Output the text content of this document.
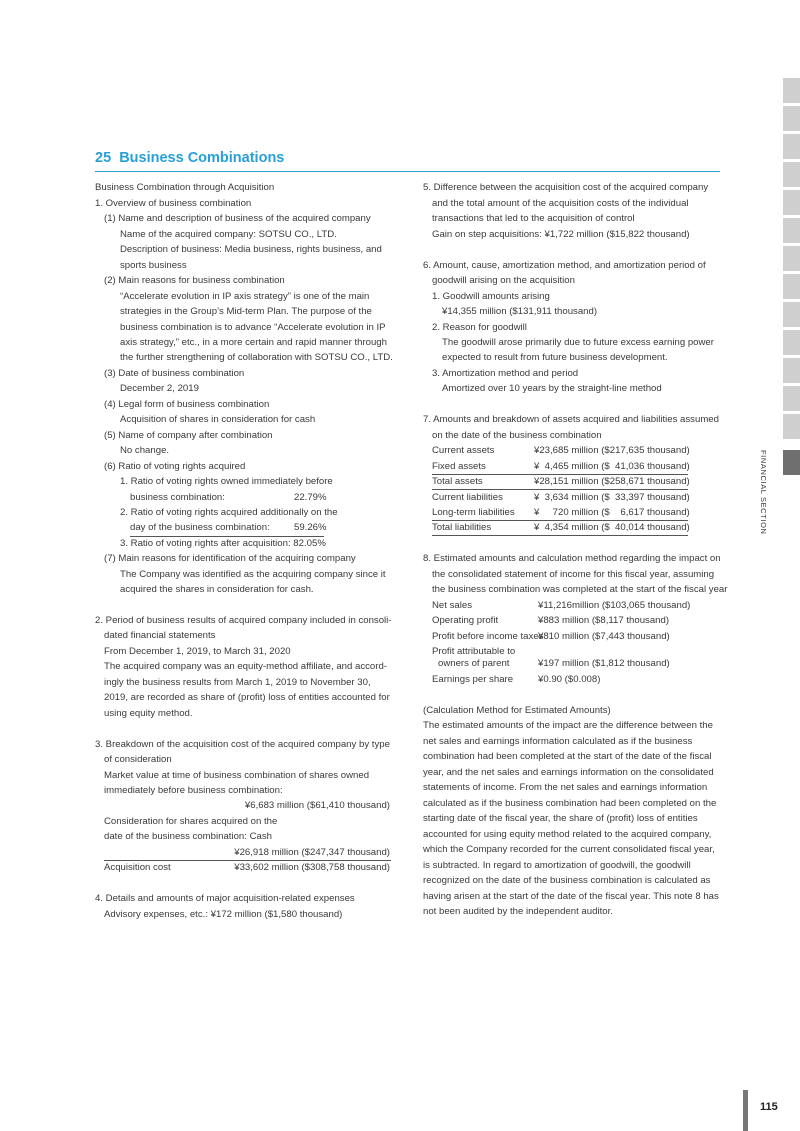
25 Business Combinations
Business Combination through Acquisition
1. Overview of business combination
(1) Name and description of business of the acquired company
Name of the acquired company: SOTSU CO., LTD.
Description of business: Media business, rights business, and
sports business
(2) Main reasons for business combination
“Accelerate evolution in IP axis strategy” is one of the main
strategies in the Group’s Mid-term Plan. The purpose of the
business combination is to advance “Accelerate evolution in IP
axis strategy,” etc., in a more certain and rapid manner through
the further strengthening of collaboration with SOTSU CO., LTD.
(3) Date of business combination
December 2, 2019
(4) Legal form of business combination
Acquisition of shares in consideration for cash
(5) Name of company after combination
No change.
(6) Ratio of voting rights acquired
1. Ratio of voting rights owned immediately before
business combination:	22.79%
2. Ratio of voting rights acquired additionally on the
day of the business combination:	59.26%
3. Ratio of voting rights after acquisition: 82.05%
(7) Main reasons for identification of the acquiring company
The Company was identified as the acquiring company since it
acquired the shares in consideration for cash.
2. Period of business results of acquired company included in consoli-
dated financial statements
From December 1, 2019, to March 31, 2020
The acquired company was an equity-method affiliate, and accord-
ingly the business results from March 1, 2019 to November 30,
2019, are recorded as share of (profit) loss of entities accounted for
using equity method.
3. Breakdown of the acquisition cost of the acquired company by type
of consideration
Market value at time of business combination of shares owned
immediately before business combination:
¥6,683 million ($61,410 thousand)
Consideration for shares acquired on the
date of the business combination: Cash
¥26,918 million ($247,347 thousand)
Acquisition cost	¥33,602 million ($308,758 thousand)
4. Details and amounts of major acquisition-related expenses
Advisory expenses, etc.: ¥172 million ($1,580 thousand)
5. Difference between the acquisition cost of the acquired company
and the total amount of the acquisition costs of the individual
transactions that led to the acquisition of control
Gain on step acquisitions: ¥1,722 million ($15,822 thousand)
6. Amount, cause, amortization method, and amortization period of
goodwill arising on the acquisition
1. Goodwill amounts arising
¥14,355 million ($131,911 thousand)
2. Reason for goodwill
The goodwill arose primarily due to future excess earning power
expected to result from future business development.
3. Amortization method and period
Amortized over 10 years by the straight-line method
7. Amounts and breakdown of assets acquired and liabilities assumed
on the date of the business combination
Current assets	¥23,685 million ($217,635 thousand)
Fixed assets	¥  4,465 million ($  41,036 thousand)
Total assets	¥28,151 million ($258,671 thousand)
Current liabilities	¥  3,634 million ($  33,397 thousand)
Long-term liabilities ¥     720 million ($    6,617 thousand)
Total liabilities	¥  4,354 million ($  40,014 thousand)
8. Estimated amounts and calculation method regarding the impact on
the consolidated statement of income for this fiscal year, assuming
the business combination was completed at the start of the fiscal year
Net sales	¥11,216million ($103,065 thousand)
Operating profit	¥883 million ($8,117 thousand)
Profit before income taxes
¥810 million ($7,443 thousand)
Profit attributable to
owners of parent	¥197 million ($1,812 thousand)
Earnings per share	¥0.90 ($0.008)
(Calculation Method for Estimated Amounts)
The estimated amounts of the impact are the difference between the
net sales and earnings information calculated as if the business
combination had been completed at the start of the date of the fiscal
year, and the net sales and earnings information on the consolidated
statements of income. From the net sales and earnings information
calculated as if the business combination had been completed on the
starting date of the fiscal year, the share of (profit) loss of entities
accounted for using equity method related to the acquired company,
which the Company recorded for the current consolidated fiscal year,
is subtracted. In regard to amortization of goodwill, the goodwill
recognized on the date of the business combination is calculated as
having arisen at the start of the date of the fiscal year. This note 8 has
not been audited by the independent auditor.
FINANCIAL SECTION
115
